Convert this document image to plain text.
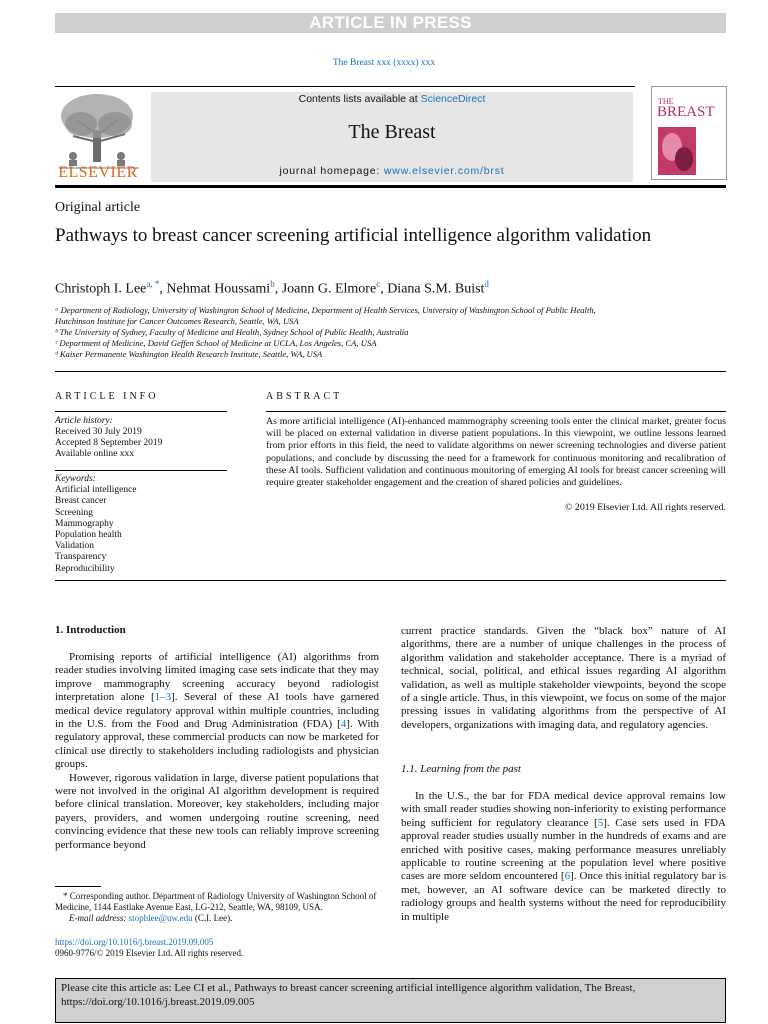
ARTICLE IN PRESS
The Breast xxx (xxxx) xxx
ELSEVIER
Contents lists available at ScienceDirect
The Breast
journal homepage: www.elsevier.com/brst
THE
BREAST
Original article
Pathways to breast cancer screening artificial intelligence algorithm validation
Christoph I. Lee$^{a, *}$, Nehmat Houssami$^b$, Joann G. Elmore$^c$, Diana S.M. Buist$^d$
ᵃ Department of Radiology, University of Washington School of Medicine, Department of Health Services, University of Washington School of Public Health,
Hutchinson Institute for Cancer Outcomes Research, Seattle, WA, USA
ᵇ The University of Sydney, Faculty of Medicine and Health, Sydney School of Public Health, Australia
ᶜ Department of Medicine, David Geffen School of Medicine at UCLA, Los Angeles, CA, USA
ᵈ Kaiser Permanente Washington Health Research Institute, Seattle, WA, USA
ARTICLE INFO	ABSTRACT
Article history:
Received 30 July 2019
Accepted 8 September 2019
Available online xxx
Keywords:
Artificial intelligence
Breast cancer
Screening
Mammography
Population health
Validation
Transparency
Reproducibility
As more artificial intelligence (AI)-enhanced mammography screening tools enter the clinical market, greater focus will be placed on external validation in diverse patient populations. In this viewpoint, we outline lessons learned from prior efforts in this field, the need to validate algorithms on newer screening technologies and diverse patient populations, and conclude by discussing the need for a framework for continuous monitoring and recalibration of these AI tools. Sufficient validation and continuous monitoring of emerging AI tools for breast cancer screening will require greater stakeholder engagement and the creation of shared policies and guidelines.
© 2019 Elsevier Ltd. All rights reserved.
1. Introduction

Promising reports of artificial intelligence (AI) algorithms from reader studies involving limited imaging case sets indicate that they may improve mammography screening accuracy beyond radiologist interpretation alone [1–3]. Several of these AI tools have garnered medical device regulatory approval within multiple countries, including in the U.S. from the Food and Drug Administration (FDA) [4]. With regulatory approval, these commercial products can now be marketed for clinical use directly to stakeholders including radiologists and physician groups.

However, rigorous validation in large, diverse patient populations that were not involved in the original AI algorithm development is required before clinical translation. Moreover, key stakeholders, including major payers, providers, and women undergoing routine screening, need convincing evidence that these new tools can reliably improve screening performance beyond

current practice standards. Given the “black box” nature of AI algorithms, there are a number of unique challenges in the process of algorithm validation and stakeholder acceptance. There is a myriad of technical, social, political, and ethical issues regarding AI algorithm validation, as well as multiple stakeholder viewpoints, beyond the scope of a single article. Thus, in this viewpoint, we focus on some of the major pressing issues in validating algorithms from the perspective of AI developers, organizations with imaging data, and regulatory agencies.

1.1. Learning from the past

In the U.S., the bar for FDA medical device approval remains low with small reader studies showing non-inferiority to existing performance being sufficient for regulatory clearance [5]. Case sets used in FDA approval reader studies usually number in the hundreds of exams and are enriched with positive cases, making performance measures unreliably applicable to routine screening at the population level where positive cases are more seldom encountered [6]. Once this initial regulatory bar is met, however, an AI software device can be marketed directly to radiology groups and health systems without the need for reproducibility in multiple

* Corresponding author. Department of Radiology University of Washington School of Medicine, 1144 Eastlake Avenue East, LG-212, Seattle, WA, 98109, USA.
E-mail address: stophlee@uw.edu (C.I. Lee).
https://doi.org/10.1016/j.breast.2019.09.005
0960-9776/© 2019 Elsevier Ltd. All rights reserved.
Please cite this article as: Lee CI et al., Pathways to breast cancer screening artificial intelligence algorithm validation, The Breast, https://doi.org/10.1016/j.breast.2019.09.005
